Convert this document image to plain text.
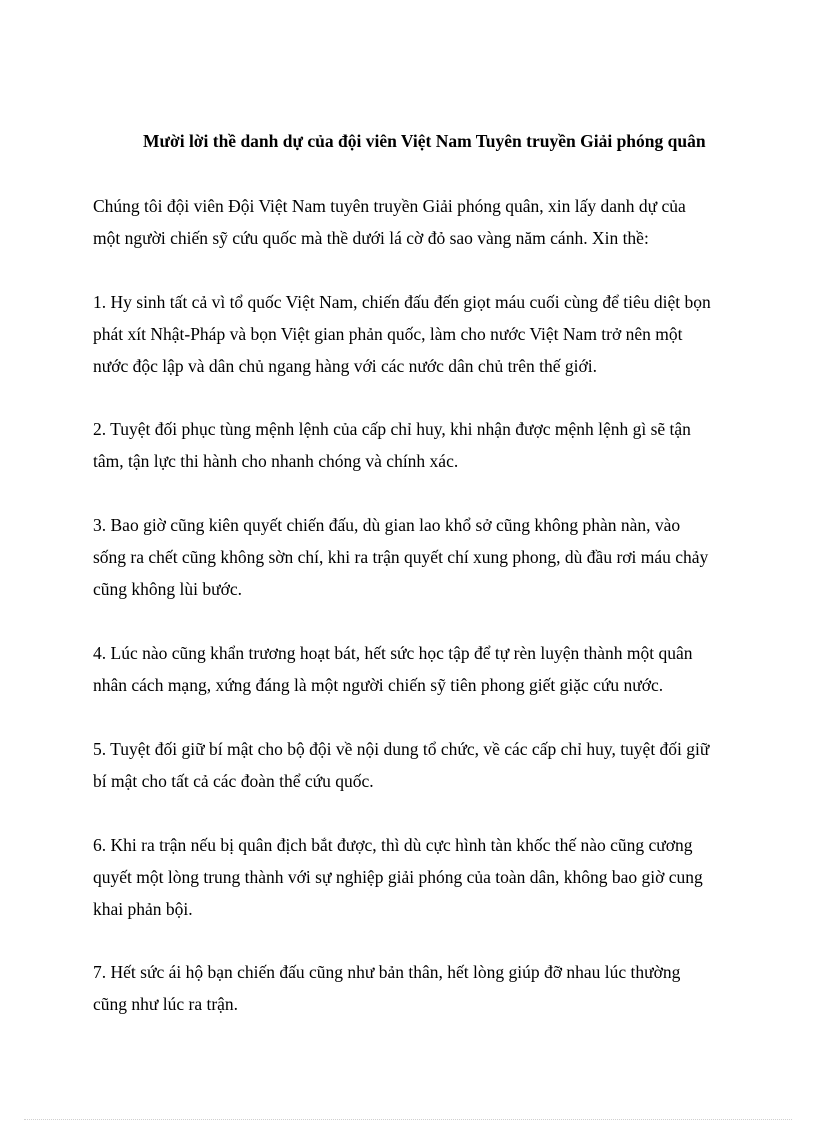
Mười lời thề danh dự của đội viên Việt Nam Tuyên truyền Giải phóng quân

Chúng tôi đội viên Đội Việt Nam tuyên truyền Giải phóng quân, xin lấy danh dự của
một người chiến sỹ cứu quốc mà thề dưới lá cờ đỏ sao vàng năm cánh. Xin thề:

1. Hy sinh tất cả vì tổ quốc Việt Nam, chiến đấu đến giọt máu cuối cùng để tiêu diệt bọn
phát xít Nhật-Pháp và bọn Việt gian phản quốc, làm cho nước Việt Nam trở nên một
nước độc lập và dân chủ ngang hàng với các nước dân chủ trên thế giới.

2. Tuyệt đối phục tùng mệnh lệnh của cấp chỉ huy, khi nhận được mệnh lệnh gì sẽ tận
tâm, tận lực thi hành cho nhanh chóng và chính xác.

3. Bao giờ cũng kiên quyết chiến đấu, dù gian lao khổ sở cũng không phàn nàn, vào
sống ra chết cũng không sờn chí, khi ra trận quyết chí xung phong, dù đầu rơi máu chảy
cũng không lùi bước.

4. Lúc nào cũng khẩn trương hoạt bát, hết sức học tập để tự rèn luyện thành một quân
nhân cách mạng, xứng đáng là một người chiến sỹ tiên phong giết giặc cứu nước.

5. Tuyệt đối giữ bí mật cho bộ đội về nội dung tổ chức, về các cấp chỉ huy, tuyệt đối giữ
bí mật cho tất cả các đoàn thể cứu quốc.

6. Khi ra trận nếu bị quân địch bắt được, thì dù cực hình tàn khốc thế nào cũng cương
quyết một lòng trung thành với sự nghiệp giải phóng của toàn dân, không bao giờ cung
khai phản bội.

7. Hết sức ái hộ bạn chiến đấu cũng như bản thân, hết lòng giúp đỡ nhau lúc thường
cũng như lúc ra trận.
